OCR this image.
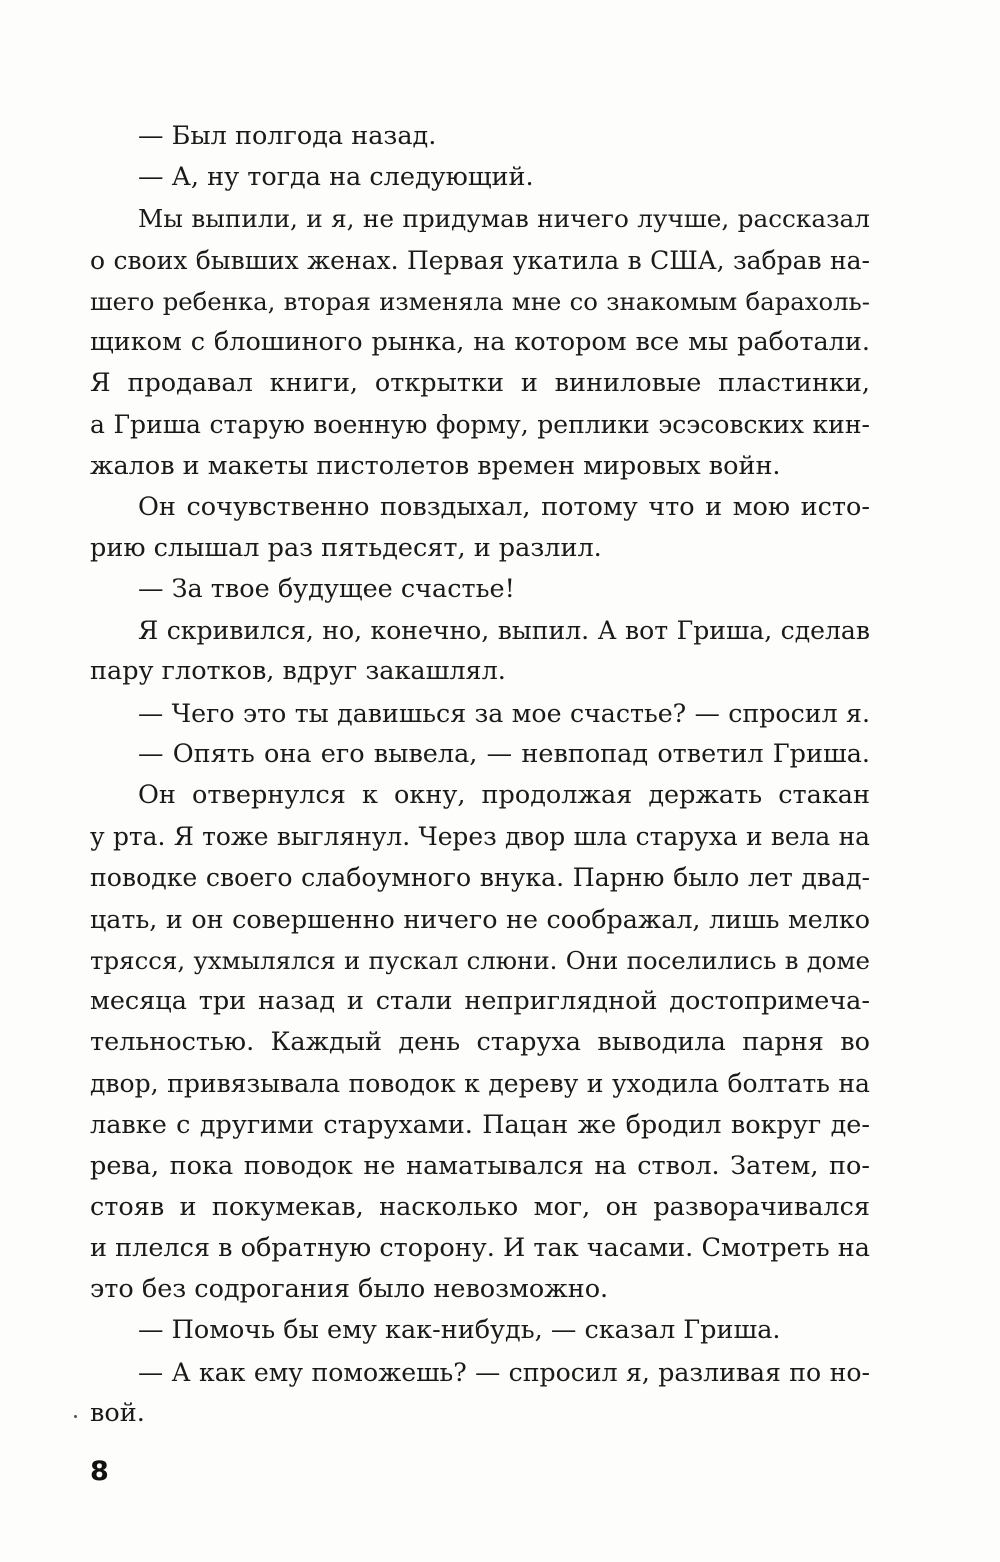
— Был полгода назад.
— А, ну тогда на следующий.
Мы выпили, и я, не придумав ничего лучше, рассказал
о своих бывших женах. Первая укатила в США, забрав на-
шего ребенка, вторая изменяла мне со знакомым барахоль-
щиком с блошиного рынка, на котором все мы работали.
Я продавал книги, открытки и виниловые пластинки,
а Гриша старую военную форму, реплики эсэсовских кин-
жалов и макеты пистолетов времен мировых войн.
Он сочувственно повздыхал, потому что и мою исто-
рию слышал раз пятьдесят, и разлил.
— За твое будущее счастье!
Я скривился, но, конечно, выпил. А вот Гриша, сделав
пару глотков, вдруг закашлял.
— Чего это ты давишься за мое счастье? — спросил я.
— Опять она его вывела, — невпопад ответил Гриша.
Он отвернулся к окну, продолжая держать стакан
у рта. Я тоже выглянул. Через двор шла старуха и вела на
поводке своего слабоумного внука. Парню было лет двад-
цать, и он совершенно ничего не соображал, лишь мелко
трясся, ухмылялся и пускал слюни. Они поселились в доме
месяца три назад и стали неприглядной достопримеча-
тельностью. Каждый день старуха выводила парня во
двор, привязывала поводок к дереву и уходила болтать на
лавке с другими старухами. Пацан же бродил вокруг де-
рева, пока поводок не наматывался на ствол. Затем, по-
стояв и покумекав, насколько мог, он разворачивался
и плелся в обратную сторону. И так часами. Смотреть на
это без содрогания было невозможно.
— Помочь бы ему как-нибудь, — сказал Гриша.
— А как ему поможешь? — спросил я, разливая по но-
вой.
8
